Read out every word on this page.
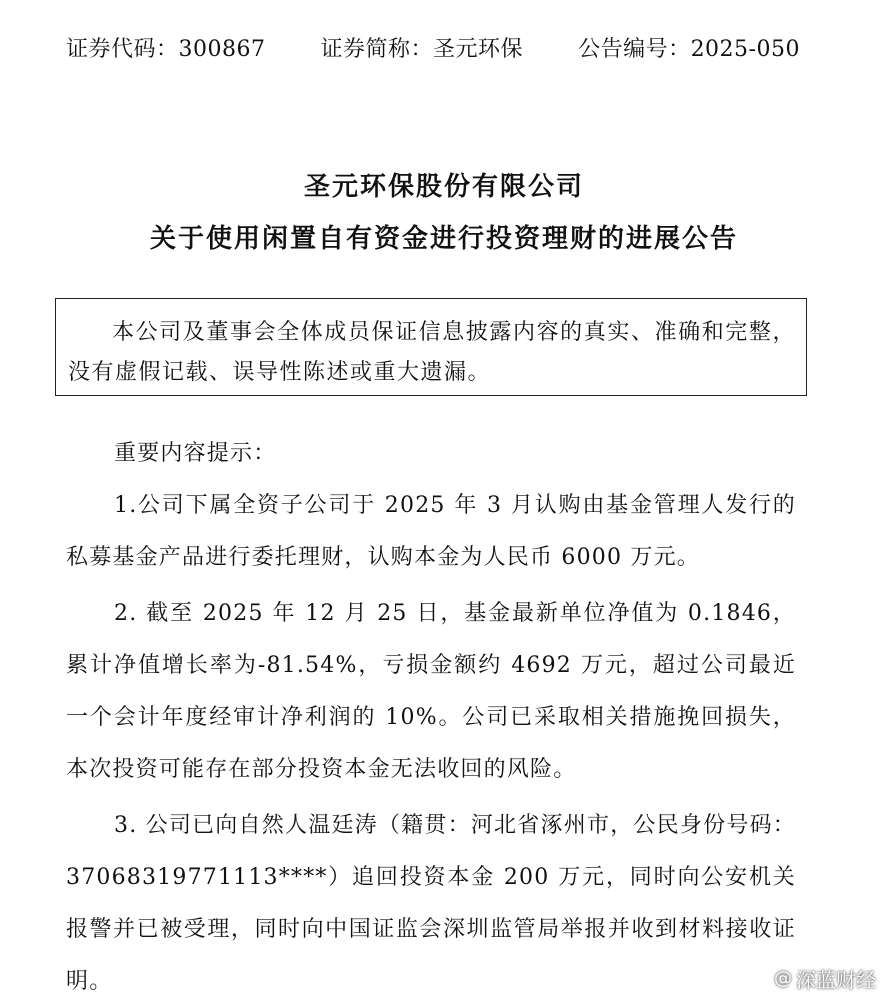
证券代码：300867	证券简称：圣元环保	公告编号：2025-050
圣元环保股份有限公司
关于使用闲置自有资金进行投资理财的进展公告
本公司及董事会全体成员保证信息披露内容的真实、准确和完整，没有虚假记载、误导性陈述或重大遗漏。
重要内容提示：
1.公司下属全资子公司于 2025 年 3 月认购由基金管理人发行的私募基金产品进行委托理财，认购本金为人民币 6000 万元。
2. 截至 2025 年 12 月 25 日，基金最新单位净值为 0.1846，累计净值增长率为-81.54%，亏损金额约 4692 万元，超过公司最近一个会计年度经审计净利润的 10%。公司已采取相关措施挽回损失，本次投资可能存在部分投资本金无法收回的风险。
3. 公司已向自然人温廷涛（籍贯：河北省涿州市，公民身份号码：37068319771113****）追回投资本金 200 万元，同时向公安机关报警并已被受理，同时向中国证监会深圳监管局举报并收到材料接收证明。	@ 深蓝财经
